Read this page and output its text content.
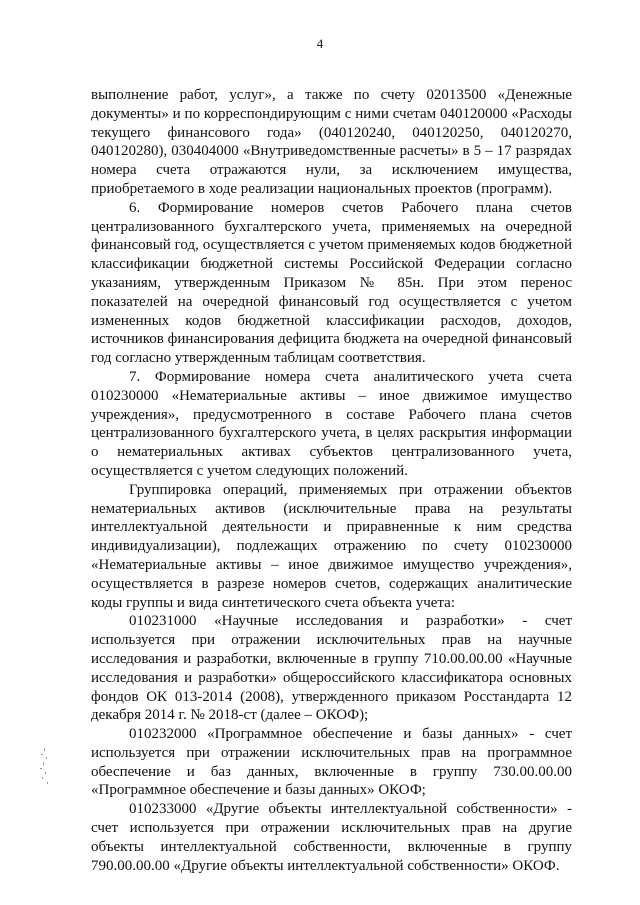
4

выполнение работ, услуг», а также по счету 02013500 «Денежные документы» и по корреспондирующим с ними счетам 040120000 «Расходы текущего финансового года» (040120240, 040120250, 040120270, 040120280), 030404000 «Внутриведомственные расчеты» в 5 – 17 разрядах номера счета отражаются нули, за исключением имущества, приобретаемого в ходе реализации национальных проектов (программ).

6. Формирование номеров счетов Рабочего плана счетов централизованного бухгалтерского учета, применяемых на очередной финансовый год, осуществляется с учетом применяемых кодов бюджетной классификации бюджетной системы Российской Федерации согласно указаниям, утвержденным Приказом № 85н. При этом перенос показателей на очередной финансовый год осуществляется с учетом измененных кодов бюджетной классификации расходов, доходов, источников финансирования дефицита бюджета на очередной финансовый год согласно утвержденным таблицам соответствия.

7. Формирование номера счета аналитического учета счета 010230000 «Нематериальные активы – иное движимое имущество учреждения», предусмотренного в составе Рабочего плана счетов централизованного бухгалтерского учета, в целях раскрытия информации о нематериальных активах субъектов централизованного учета, осуществляется с учетом следующих положений.

Группировка операций, применяемых при отражении объектов нематериальных активов (исключительные права на результаты интеллектуальной деятельности и приравненные к ним средства индивидуализации), подлежащих отражению по счету 010230000 «Нематериальные активы – иное движимое имущество учреждения», осуществляется в разрезе номеров счетов, содержащих аналитические коды группы и вида синтетического счета объекта учета:

010231000 «Научные исследования и разработки» - счет используется при отражении исключительных прав на научные исследования и разработки, включенные в группу 710.00.00.00 «Научные исследования и разработки» общероссийского классификатора основных фондов ОК 013-2014 (2008), утвержденного приказом Росстандарта 12 декабря 2014 г. № 2018-ст (далее – ОКОФ);

010232000 «Программное обеспечение и базы данных» - счет используется при отражении исключительных прав на программное обеспечение и баз данных, включенные в группу 730.00.00.00 «Программное обеспечение и базы данных» ОКОФ;

010233000 «Другие объекты интеллектуальной собственности» - счет используется при отражении исключительных прав на другие объекты интеллектуальной собственности, включенные в группу 790.00.00.00 «Другие объекты интеллектуальной собственности» ОКОФ.
